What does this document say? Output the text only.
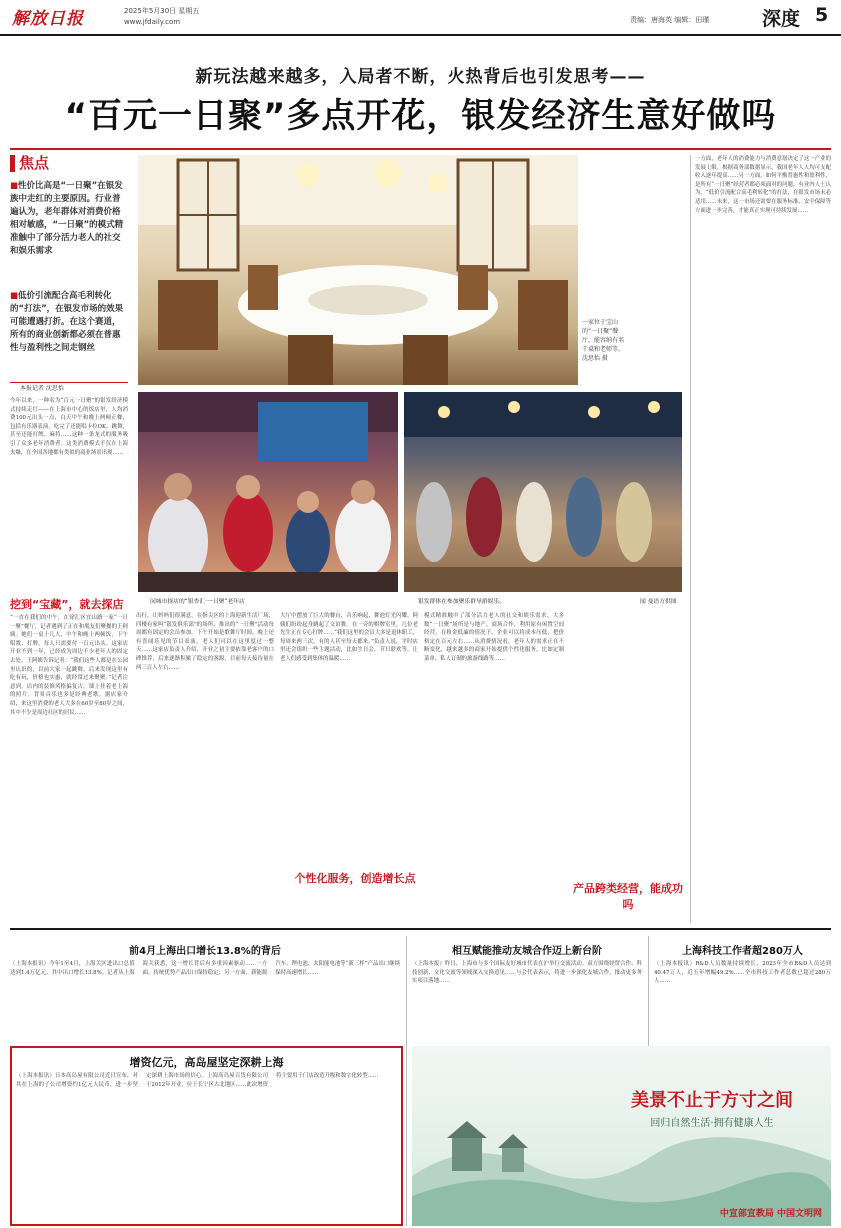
解放日报	2025年5月30日 星期五
www.jfdaily.com	责编：唐海英 编辑：田瑾	深度 5
新玩法越来越多，入局者不断，火热背后也引发思考——
“百元一日聚”多点开花，银发经济生意好做吗
焦点
■性价比高是“一日聚”在银发族中走红的主要原因。行业普遍认为，老年群体对消费价格相对敏感，“一日聚”的模式精准触中了部分活力老人的社交和娱乐需求
■低价引流配合高毛利转化的“打法”，在银发市场的效果可能遭遇打折。在这个赛道，所有的商业创新都必须在普惠性与盈利性之间走钢丝
本报记者 沈思怡
今年以来，一种名为“百元一日聚”的银发经济模式持续走红——在上海市中心的饭店里，人均消费100元出头一点，白天中午和晚上两顿正餐，包括有乐器表演，吃完了还能唱卡拉OK、跳舞，甚至还能打牌、麻将……这种一条龙式的服务吸引了众多老年消费者。这类消费模式不仅在上海火爆，在全国各地都有类似的商业场景出现……
挖到“宝藏”，就去探店
“一直在我们的中午，在徐汇区宜山路一家“一日一聚”餐厅，记者遇到了正在和朋友们聚餐的王阿姨。她们一桌十几人，中午和晚上两顿饭，下午唱歌、打牌，每人只需要付一百元出头。这家店开业不到一年，已经成为周边不少老年人的固定去处。王阿姨告诉记者：“我们这些人都是在公园里认识的，以前大家一起跳舞，后来发现这里有吃有玩，价格也实惠，就经常过来聚聚。”记者注意到，店内的装修风格偏复古，墙上挂着老上海的照片，背景音乐也多是经典老歌。据店家介绍，来这里消费的老人大多在60岁至80岁之间，其中不少是周边社区的居民……
一家位于宝山的“一日聚”餐厅，能容纳有名干桌和老师等。沈思怡 摄
闵城市探店的“银杏汇·一日聚”老年店	银发群体在参加聚乐群导游娱乐。	闻 曼语方供图
出行，让妈妈们很满意。在指尖区的上海迎新生活厂场，四楼有家叫“银发俱乐部”的场所，推出的“一日聚”活动每周都有固定的会员参加。下午开始是歌舞厅时间，晚上还有喜闻乐见的节目表演，老人们可以在这里度过一整天……这家店负责人介绍，开业之初主要依靠老客户的口碑推荐，后来逐渐积累了稳定的客源，目前每天接待量在两三百人左右……
大厅中摆放了巨大的餐台，音乐响起，舞池灯光闪耀，阿姨们纷纷起身跳起了交谊舞。在一旁的棋牌室里，几位老先生正在专心打牌……“我们这里的会员大多是退休职工，每周来两三次，有的人甚至每天都来。”负责人说，平时店里还会组织一些主题活动，比如生日会、节日联欢等，让老人们感受到集体的温暖……
个性化服务，创造增长点
模式精准触中了部分活力老人的社交和娱乐需求。大多数“一日聚”场所是与地产、商场合作，利用原有闲置空间经营。在租金低廉的情况下，企业可以将成本压低，把价格定在百元左右……从消费情况看，老年人的需求正在不断变化，越来越多的商家开始提供个性化服务，比如定制菜单、私人订制的旅游线路等……
产品跨类经营，能成功吗
一方面，老年人的消费能力与消费意愿决定了这一产业的发展上限。根据商务部数据显示，我国老年人人均可支配收入逐年提高……另一方面，如何平衡普惠性和盈利性，是所有“一日聚”经营者都必须面对的问题。有业内人士认为，“低价引流配合高毛利转化”的打法，在银发市场未必适用……未来，这一市场还需要在服务标准、安全保障等方面进一步完善，才能真正实现可持续发展……
前4月上海出口增长13.8%的背后
（上海本报讯）今年1至4月，上海关区进出口总值达到1.4万亿元，其中出口增长13.8%。记者从上海海关获悉，这一增长背后有多重因素驱动……一方面，传统优势产品出口保持稳定；另一方面，新能源汽车、锂电池、太阳能电池等“新三样”产品出口继续保持高速增长……
相互赋能推动友城合作迈上新台阶
（上海本报）昨日，上海市与多个国际友好城市代表在沪举行交流活动。双方围绕经贸合作、科技创新、文化交流等领域深入交换意见……与会代表表示，将进一步深化友城合作，推动更多务实项目落地……
上海科技工作者超280万人
（上海本报讯）R&D人员数量持续增长，2023年全市R&D人员达到40.47万人，近五年增幅49.2%……全市科技工作者总数已超过280万人……
增资亿元，高岛屋坚定深耕上海
（上海本报讯）日本高岛屋有限公司近日宣布，对其在上海的子公司增资约1亿元人民币，进一步坚定深耕上海市场的信心。上海高岛屋百货有限公司于2012年开业，位于长宁区古北地区……此次增资将主要用于门店改造升级和数字化转型……
美景不止于方寸之间
回归自然生活·拥有健康人生
中宣部宣教局 中国文明网
